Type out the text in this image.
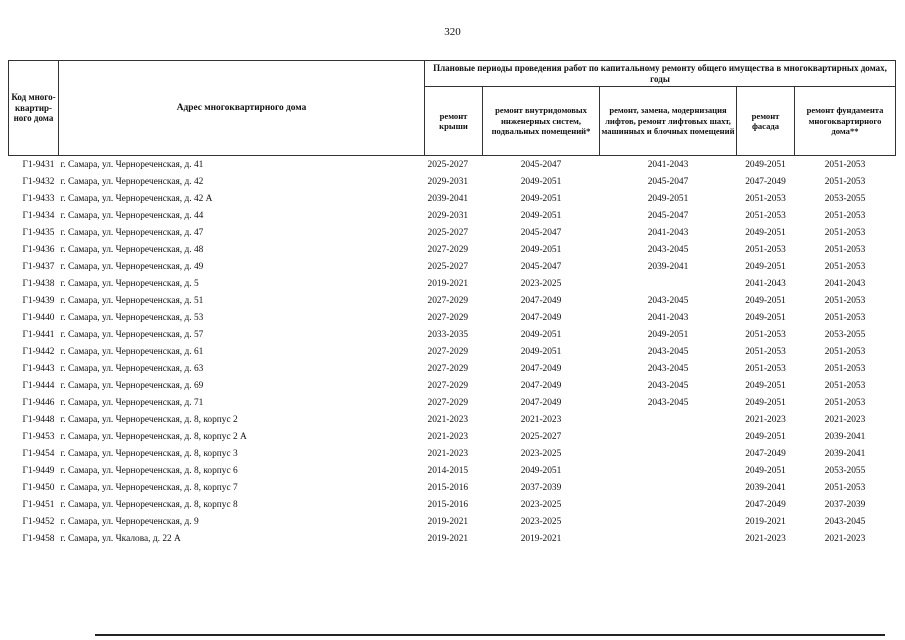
320
Код много-квартир-ного дома	Адрес многоквартирного дома	Плановые периоды проведения работ по капитальному ремонту общего имущества в многоквартирных домах, годы				
		ремонт крыши	ремонт внутридомовых инженерных систем, подвальных помещений*	ремонт, замена, модернизация лифтов, ремонт лифтовых шахт, машинных и блочных помещений	ремонт фасада	ремонт фундамента многоквартирного дома**
Г1-9431	г. Самара, ул. Чернореченская, д. 41	2025-2027	2045-2047	2041-2043	2049-2051	2051-2053
Г1-9432	г. Самара, ул. Чернореченская, д. 42	2029-2031	2049-2051	2045-2047	2047-2049	2051-2053
Г1-9433	г. Самара, ул. Чернореченская, д. 42 А	2039-2041	2049-2051	2049-2051	2051-2053	2053-2055
Г1-9434	г. Самара, ул. Чернореченская, д. 44	2029-2031	2049-2051	2045-2047	2051-2053	2051-2053
Г1-9435	г. Самара, ул. Чернореченская, д. 47	2025-2027	2045-2047	2041-2043	2049-2051	2051-2053
Г1-9436	г. Самара, ул. Чернореченская, д. 48	2027-2029	2049-2051	2043-2045	2051-2053	2051-2053
Г1-9437	г. Самара, ул. Чернореченская, д. 49	2025-2027	2045-2047	2039-2041	2049-2051	2051-2053
Г1-9438	г. Самара, ул. Чернореченская, д. 5	2019-2021	2023-2025		2041-2043	2041-2043
Г1-9439	г. Самара, ул. Чернореченская, д. 51	2027-2029	2047-2049	2043-2045	2049-2051	2051-2053
Г1-9440	г. Самара, ул. Чернореченская, д. 53	2027-2029	2047-2049	2041-2043	2049-2051	2051-2053
Г1-9441	г. Самара, ул. Чернореченская, д. 57	2033-2035	2049-2051	2049-2051	2051-2053	2053-2055
Г1-9442	г. Самара, ул. Чернореченская, д. 61	2027-2029	2049-2051	2043-2045	2051-2053	2051-2053
Г1-9443	г. Самара, ул. Чернореченская, д. 63	2027-2029	2047-2049	2043-2045	2051-2053	2051-2053
Г1-9444	г. Самара, ул. Чернореченская, д. 69	2027-2029	2047-2049	2043-2045	2049-2051	2051-2053
Г1-9446	г. Самара, ул. Черноречeнская, д. 71	2027-2029	2047-2049	2043-2045	2049-2051	2051-2053
Г1-9448	г. Самара, ул. Чернореченская, д. 8, корпус 2	2021-2023	2021-2023		2021-2023	2021-2023
Г1-9453	г. Самара, ул. Чернореченская, д. 8, корпус 2 А	2021-2023	2025-2027		2049-2051	2039-2041
Г1-9454	г. Самара, ул. Чернореченская, д. 8, корпус 3	2021-2023	2023-2025		2047-2049	2039-2041
Г1-9449	г. Самара, ул. Чернореченская, д. 8, корпус 6	2014-2015	2049-2051		2049-2051	2053-2055
Г1-9450	г. Самара, ул. Чернореченская, д. 8, корпус 7	2015-2016	2037-2039		2039-2041	2051-2053
Г1-9451	г. Самара, ул. Чернореченская, д. 8, корпус 8	2015-2016	2023-2025		2047-2049	2037-2039
Г1-9452	г. Самара, ул. Чернореченская, д. 9	2019-2021	2023-2025		2019-2021	2043-2045
Г1-9458	г. Самара, ул. Чкалова, д. 22 А	2019-2021	2019-2021		2021-2023	2021-2023
